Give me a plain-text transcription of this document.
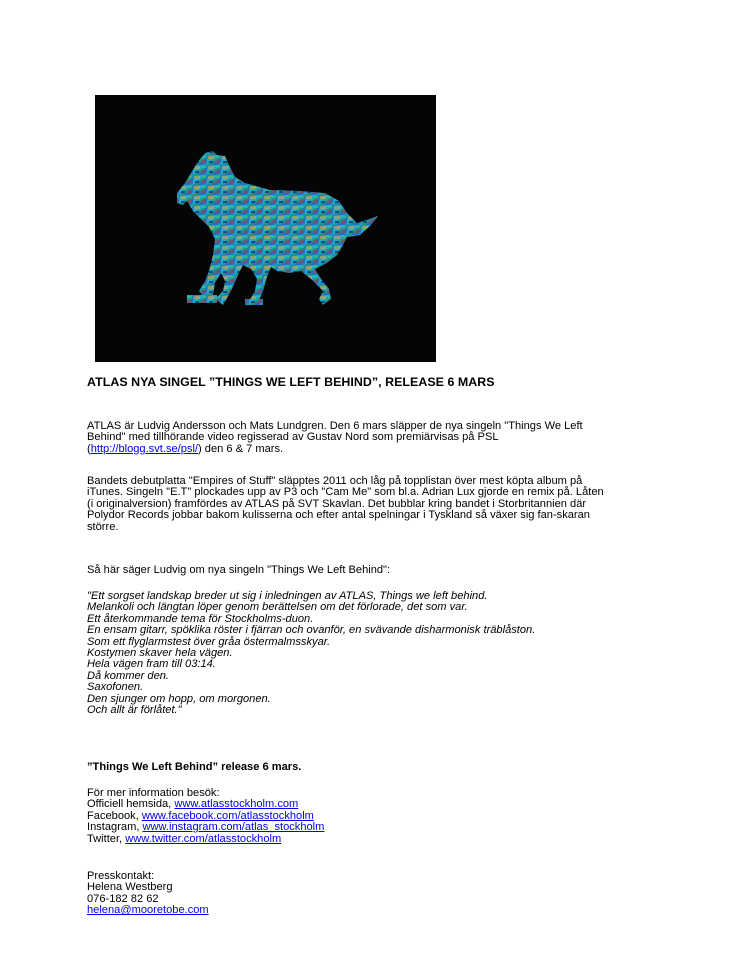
ATLAS NYA SINGEL ”THINGS WE LEFT BEHIND”, RELEASE 6 MARS
ATLAS är Ludvig Andersson och Mats Lundgren. Den 6 mars släpper de nya singeln "Things We Left
Behind" med tillhörande video regisserad av Gustav Nord som premiärvisas på PSL
(http://blogg.svt.se/psl/) den 6 & 7 mars.
Bandets debutplatta "Empires of Stuff" släpptes 2011 och låg på topplistan över mest köpta album på
iTunes. Singeln "E.T" plockades upp av P3 och "Cam Me" som bl.a. Adrian Lux gjorde en remix på. Låten
(i originalversion) framfördes av ATLAS på SVT Skavlan. Det bubblar kring bandet i Storbritannien där
Polydor Records jobbar bakom kulisserna och efter antal spelningar i Tyskland så växer sig fan-skaran
större.
Så här säger Ludvig om nya singeln "Things We Left Behind":
"Ett sorgset landskap breder ut sig i inledningen av ATLAS, Things we left behind.
Melankoli och längtan löper genom berättelsen om det förlorade, det som var.
Ett återkommande tema för Stockholms-duon.
En ensam gitarr, spöklika röster i fjärran och ovanför, en svävande disharmonisk träblåston.
Som ett flyglarmstest över gråa östermalmsskyar.
Kostymen skaver hela vägen.
Hela vägen fram till 03:14.
Då kommer den.
Saxofonen.
Den sjunger om hopp, om morgonen.
Och allt är förlåtet."
”Things We Left Behind” release 6 mars.
För mer information besök:
Officiell hemsida, www.atlasstockholm.com
Facebook, www.facebook.com/atlasstockholm
Instagram, www.instagram.com/atlas_stockholm
Twitter, www.twitter.com/atlasstockholm
Presskontakt:
Helena Westberg
076-182 82 62
helena@mooretobe.com
